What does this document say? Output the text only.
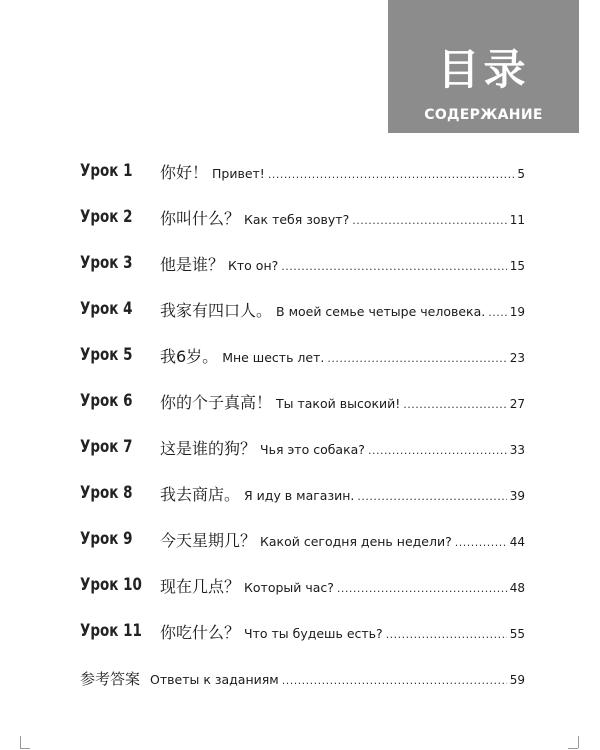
目录
СОДЕРЖАНИЕ
Урок 1	你好！ Привет! .....	5
Урок 2	你叫什么？ Как тебя зовут? .....	11
Урок 3	他是谁？ Кто он? .....	15
Урок 4	我家有四口人。 В моей семье четыре человека. ..... 19
Урок 5	我6岁。 Мне шесть лет. .....	23
Урок 6	你的个子真高！ Ты такой высокий! .....	27
Урок 7	这是谁的狗？ Чья это собака? .....	33
Урок 8	我去商店。 Я иду в магазин. .....	39
Урок 9	今天星期几？ Какой сегодня день недели? .....	44
Урок 10	现在几点？ Который час? .....	48
Урок 11	你吃什么？ Что ты будешь есть? .....	55
参考答案 Ответы к заданиям .....	59
